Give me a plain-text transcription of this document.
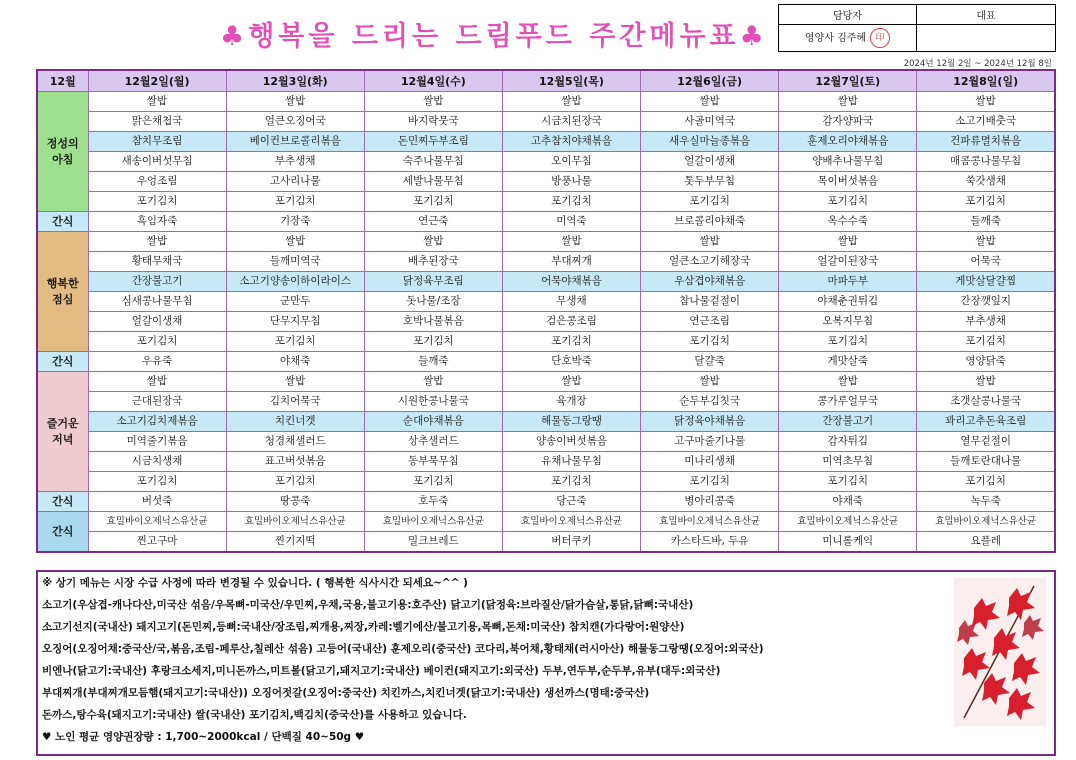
♣행복을 드리는 드림푸드 주간메뉴표♣
담당자	대표
영양사 김주혜 印	
2024년 12월 2일 ~ 2024년 12월 8일
12월	12월2일(월)	12월3일(화)	12월4일(수)	12월5일(목)	12월6일(금)	12월7일(토)	12월8일(일)

정성의
아침	쌀밥	쌀밥	쌀밥	쌀밥	쌀밥	쌀밥	쌀밥
	맑은채첩국	얼큰오징어국	바지락뭇국	시금치된장국	사골미역국	감자양파국	소고기배춧국
	참치무조림	베이컨브로콜리볶음	돈민찌두부조림	고추참치야채볶음	새우실마늘종볶음	훈제오리야채볶음	건파류멸치볶음
	새송이버섯무침	부추생채	숙주나물무침	오이무침	얼갈이생채	양배추나물무침	매콤콩나물무침
	우엉조림	고사리나물	세발나물무침	방풍나물	톳두부무침	목이버섯볶음	쑥갓생채
	포기김치	포기김치	포기김치	포기김치	포기김치	포기김치	포기김치
간식	흑임자죽	기장죽	연근죽	미역죽	브로콜리야채죽	옥수수죽	들깨죽

행복한
점심	쌀밥	쌀밥	쌀밥	쌀밥	쌀밥	쌀밥	쌀밥
	황태무채국	들깨미역국	배추된장국	부대찌개	얼큰소고기해장국	얼갈이된장국	어묵국
	간장불고기	소고기양송이하이라이스	닭정육무조림	어묵야채볶음	우삼겹야채볶음	마파두부	게맛살달걀찜
	심새콩나물무침	군만두	돗나물/조장	무생채	참나물겉절이	야채춘권튀김	간장깻잎지
	얼갈이생채	단무지무침	호박나물볶음	검은콩조림	연근조림	오복지무침	부추생채
	포기김치	포기김치	포기김치	포기김치	포기김치	포기김치	포기김치
간식	우유죽	야채죽	들깨죽	단호박죽	달걀죽	게맛살죽	영양닭죽

즐거운
저녁	쌀밥	쌀밥	쌀밥	쌀밥	쌀밥	쌀밥	쌀밥
	근대된장국	김치어묵국	시원한콩나물국	육개장	순두부김칫국	콩가루얼무국	조갯살콩나물국
	소고기김치제볶음	치킨너겟	순대야채볶음	해물동그랑땡	닭정육야채볶음	간장불고기	꽈리고추돈육조림
	미역줄기볶음	청경채샐러드	상추샐러드	양송이버섯볶음	고구마줄기나물	감자튀김	열무겉절이
	시금치생채	표고버섯볶음	동부묵무침	유채나물무침	미나리생채	미역초무침	들깨토란대나물
	포기김치	포기김치	포기김치	포기김치	포기김치	포기김치	포기김치
간식	버섯죽	땅콩죽	호두죽	당근죽	병아리콩죽	야채죽	녹두죽
간식	효밀바이오제닉스유산균	효밀바이오제닉스유산균	효밀바이오제닉스유산균	효밀바이오제닉스유산균	효밀바이오제닉스유산균	효밀바이오제닉스유산균	효밀바이오제닉스유산균
	찐고구마	찐기지떡	밀크브레드	버터쿠키	카스타드바, 두유	미니롤케익	요플레
※ 상기 메뉴는 시장 수급 사정에 따라 변경될 수 있습니다. ( 행복한 식사시간 되세요~^^ )
소고기(우삼겹-캐나다산,미국산 섞음/우목뼈-미국산/우민찌,우채,국용,불고기용:호주산) 닭고기(닭정육:브라질산/닭가슴살,통닭,닭뼈:국내산)
소고기선지(국내산) 돼지고기(돈민찌,등뼈:국내산/장조림,찌개용,찌장,카레:벨기에산/불고기용,목뼈,돈채:미국산) 참치캔(가다랑어:원양산)
오징어(오징어채:중국산/국,볶음,조림-페루산,칠레산 섞음) 고등어(국내산) 훈제오리(중국산) 코다리,북어채,황태채(러시아산) 해물동그랑땡(오징어:외국산)
비엔나(닭고기:국내산) 후랑크소세지,미니돈까스,미트볼(닭고기,돼지고기:국내산) 베이컨(돼지고기:외국산) 두부,연두부,순두부,유부(대두:외국산)
부대찌개(부대찌개모듬햄(돼지고기:국내산)) 오징어젓갈(오징어:중국산) 치킨까스,치킨너겟(닭고기:국내산) 생선까스(명태:중국산)
돈까스,탕수육(돼지고기:국내산) 쌀(국내산) 포기김치,백김치(중국산)를 사용하고 있습니다.
♥ 노인 평균 영양권장량 : 1,700~2000kcal / 단백질 40~50g ♥
